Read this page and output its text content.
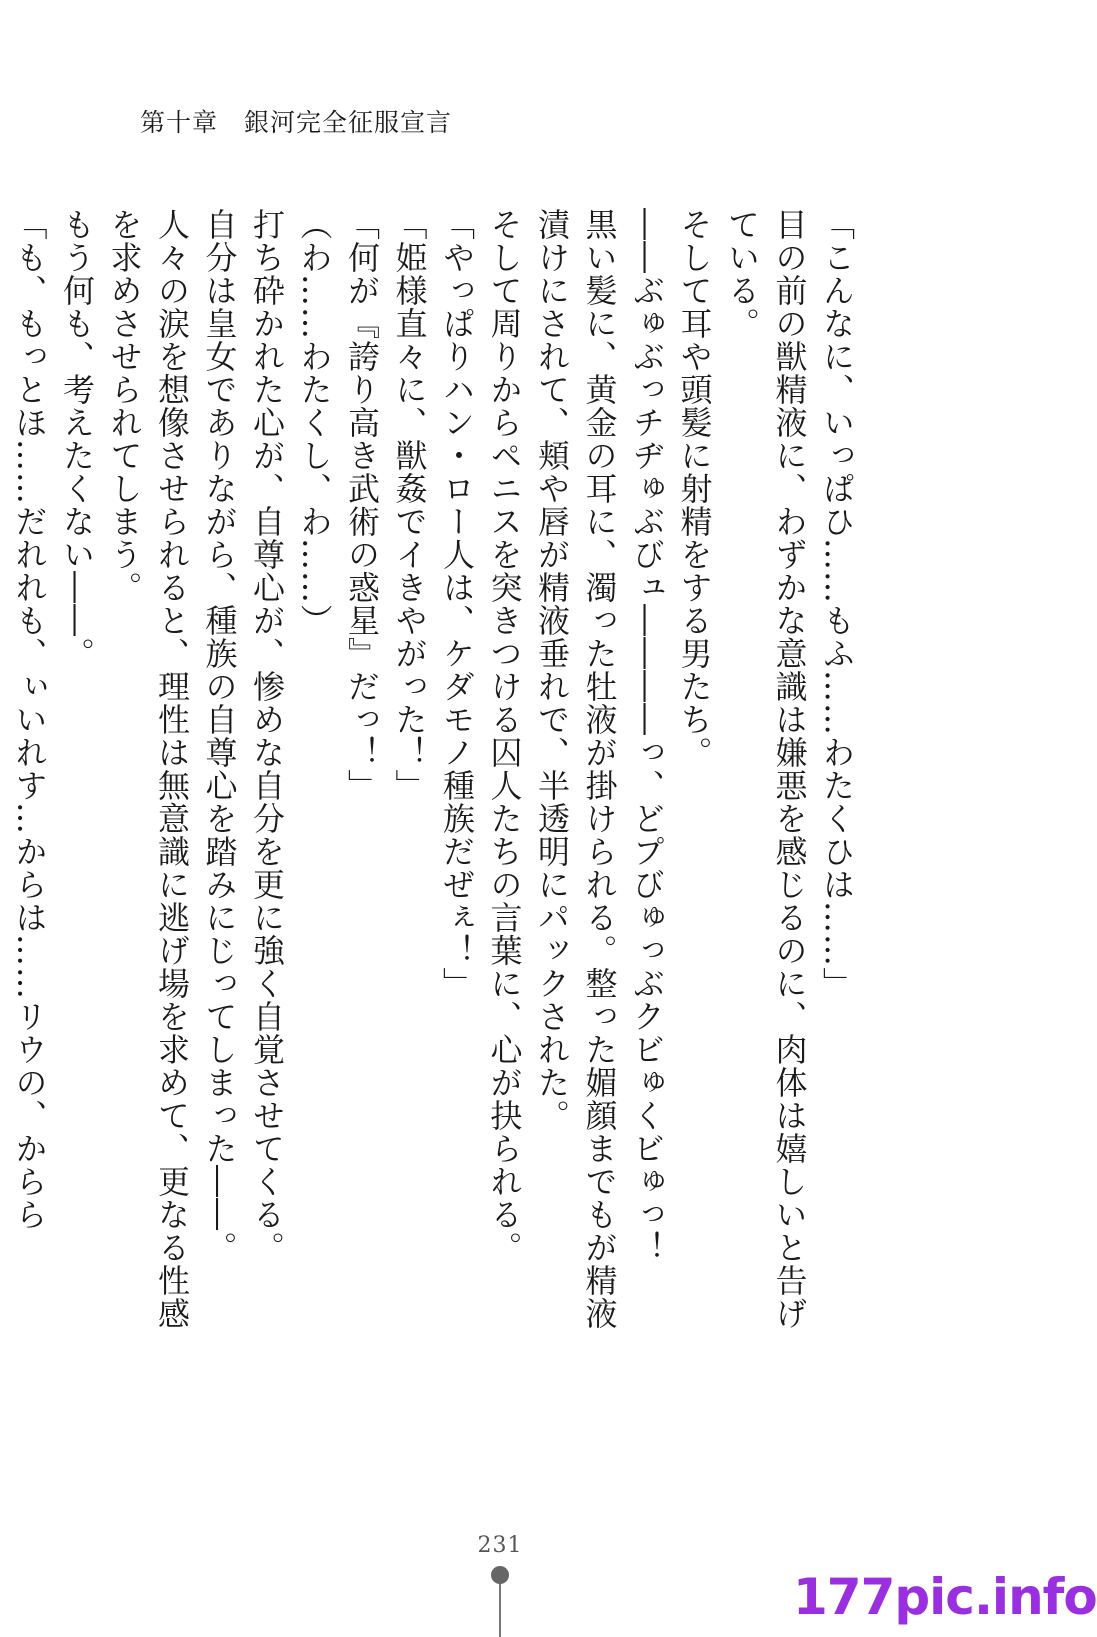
第十章 銀河完全征服宣言

「こんなに、いっぱひ……もふ……わたくひは……」

目の前の獣精液に、わずかな意識は嫌悪を感じるのに、肉体は嬉しいと告げている。

そして耳や頭髪に射精をする男たち。

――ぶゅぶっチヂゅぶびュ――――っ、どプびゅっぶクビゅくビゅっ！

黒い髪に、黄金の耳に、濁った牡液が掛けられる。整った媚顔までもが精液漬けにされて、頬や唇が精液垂れで、半透明にパックされた。

そして周りからペニスを突きつける囚人たちの言葉に、心が抉られる。

「やっぱりハン・ロー人は、ケダモノ種族だぜぇ！」

「姫様直々に、獣姦でイきやがった！」

「何が『誇り高き武術の惑星』だっ！」

（わ……わたくし、わ……）

打ち砕かれた心が、自尊心が、惨めな自分を更に強く自覚させてくる。

自分は皇女でありながら、種族の自尊心を踏みにじってしまった――。

人々の涙を想像させられると、理性は無意識に逃げ場を求めて、更なる性感を求めさせられてしまう。

もう何も、考えたくない――。

「も、もっとほ……だれれも、ぃいれす…からは……リウの、からら

231
177pic.info
